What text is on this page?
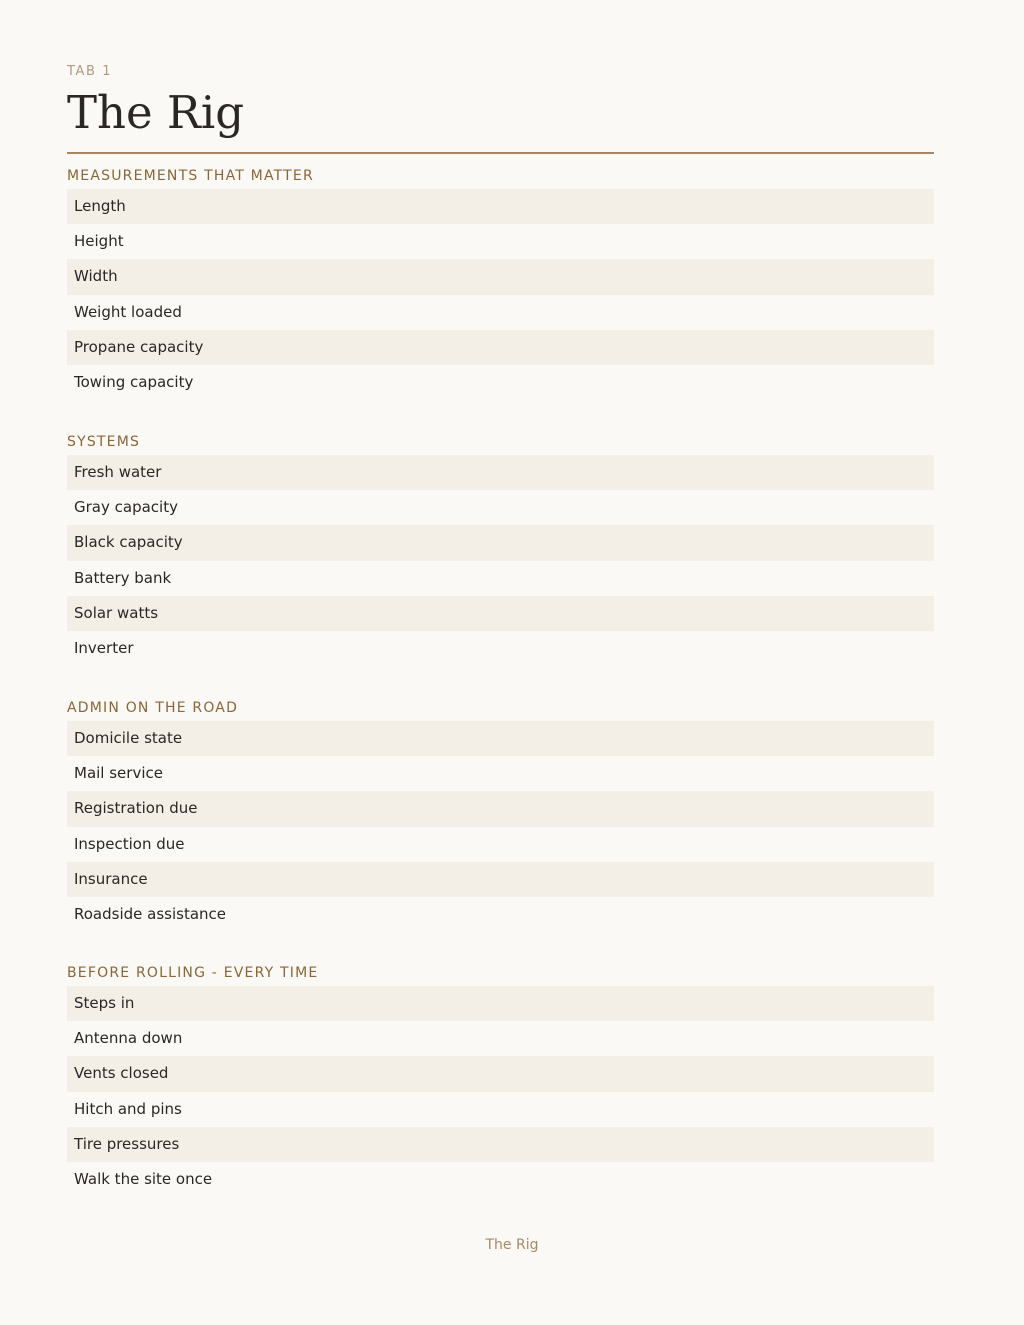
TAB 1
The Rig
MEASUREMENTS THAT MATTER
Length
Height
Width
Weight loaded
Propane capacity
Towing capacity
SYSTEMS
Fresh water
Gray capacity
Black capacity
Battery bank
Solar watts
Inverter
ADMIN ON THE ROAD
Domicile state
Mail service
Registration due
Inspection due
Insurance
Roadside assistance
BEFORE ROLLING - EVERY TIME
Steps in
Antenna down
Vents closed
Hitch and pins
Tire pressures
Walk the site once
The Rig
